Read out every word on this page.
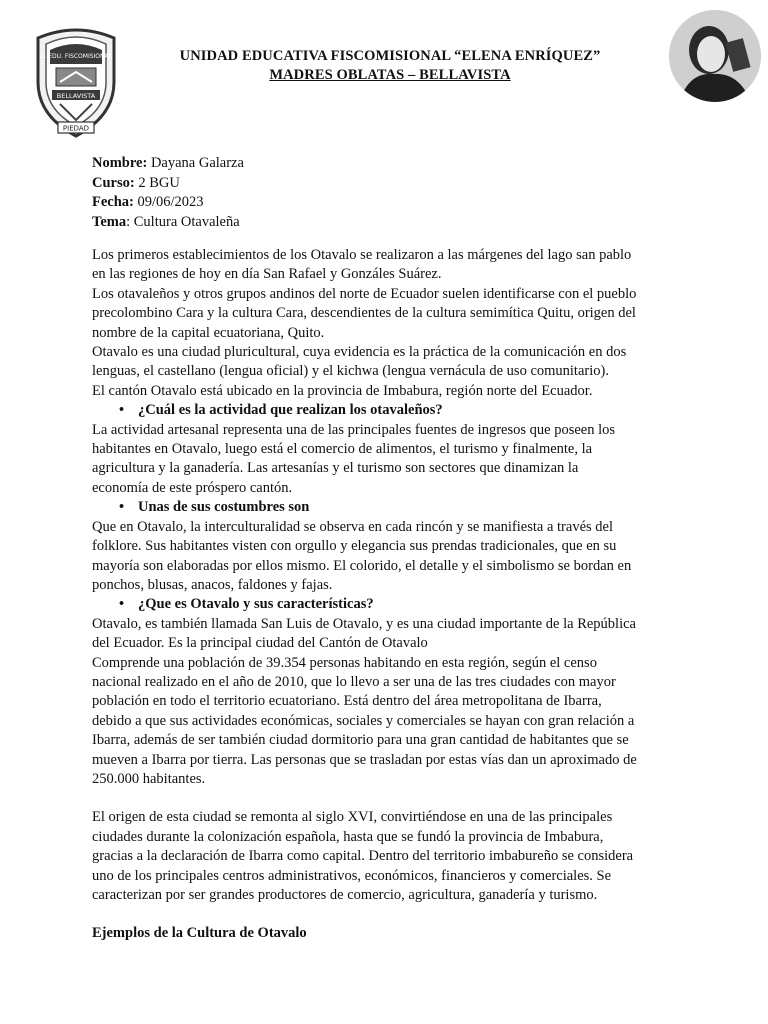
U. EDU. FISCOMISIONAL
BELLAVISTA
PIEDAD
UNIDAD EDUCATIVA FISCOMISIONAL “ELENA ENRÍQUEZ”
MADRES OBLATAS – BELLAVISTA
Nombre: Dayana Galarza
Curso: 2 BGU
Fecha: 09/06/2023
Tema: Cultura Otavaleña

Los primeros establecimientos de los Otavalo se realizaron a las márgenes del lago san pablo

en las regiones de hoy en día San Rafael y Gonzáles Suárez.

Los otavaleños y otros grupos andinos del norte de Ecuador suelen identificarse con el pueblo

precolombino Cara y la cultura Cara, descendientes de la cultura semimítica Quitu, origen del

nombre de la capital ecuatoriana, Quito.

Otavalo es una ciudad pluricultural, cuya evidencia es la práctica de la comunicación en dos

lenguas, el castellano (lengua oficial) y el kichwa (lengua vernácula de uso comunitario).

El cantón Otavalo está ubicado en la provincia de Imbabura, región norte del Ecuador.

• ¿Cuál es la actividad que realizan los otavaleños?

La actividad artesanal representa una de las principales fuentes de ingresos que poseen los

habitantes en Otavalo, luego está el comercio de alimentos, el turismo y finalmente, la

agricultura y la ganadería. Las artesanías y el turismo son sectores que dinamizan la

economía de este próspero cantón.

• Unas de sus costumbres son

Que en Otavalo, la interculturalidad se observa en cada rincón y se manifiesta a través del

folklore. Sus habitantes visten con orgullo y elegancia sus prendas tradicionales, que en su

mayoría son elaboradas por ellos mismo. El colorido, el detalle y el simbolismo se bordan en

ponchos, blusas, anacos, faldones y fajas.

• ¿Que es Otavalo y sus características?

Otavalo, es también llamada San Luis de Otavalo, y es una ciudad importante de la República

del Ecuador. Es la principal ciudad del Cantón de Otavalo

Comprende una población de 39.354 personas habitando en esta región, según el censo

nacional realizado en el año de 2010, que lo llevo a ser una de las tres ciudades con mayor

población en todo el territorio ecuatoriano. Está dentro del área metropolitana de Ibarra,

debido a que sus actividades económicas, sociales y comerciales se hayan con gran relación a

Ibarra, además de ser también ciudad dormitorio para una gran cantidad de habitantes que se

mueven a Ibarra por tierra. Las personas que se trasladan por estas vías dan un aproximado de

250.000 habitantes.

El origen de esta ciudad se remonta al siglo XVI, convirtiéndose en una de las principales

ciudades durante la colonización española, hasta que se fundó la provincia de Imbabura,

gracias a la declaración de Ibarra como capital. Dentro del territorio imbabureño se considera

uno de los principales centros administrativos, económicos, financieros y comerciales. Se

caracterizan por ser grandes productores de comercio, agricultura, ganadería y turismo.

Ejemplos de la Cultura de Otavalo
